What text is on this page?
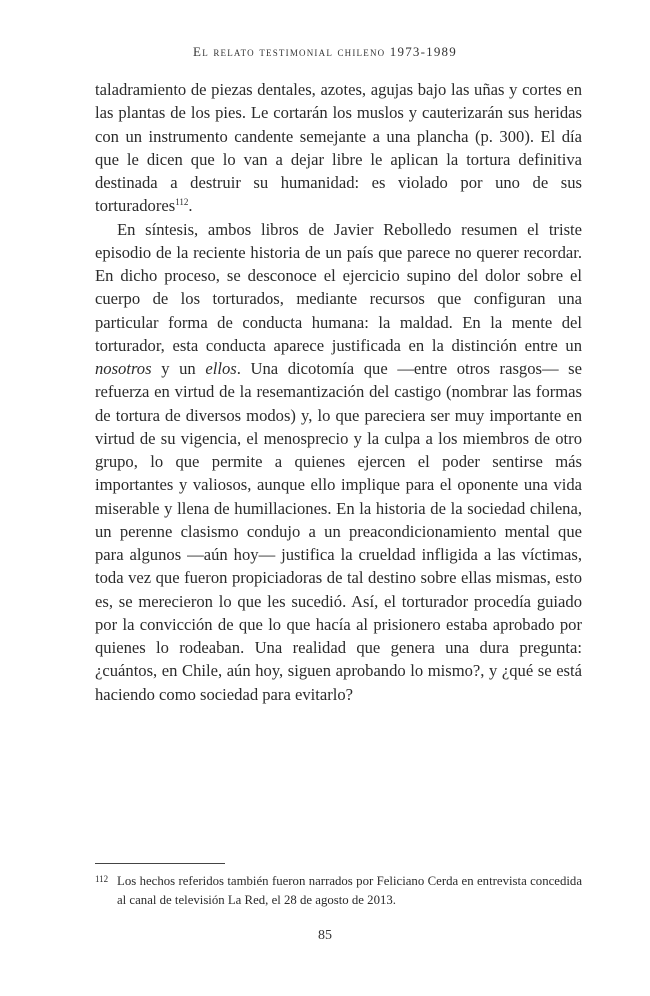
El relato testimonial chileno 1973-1989

taladramiento de piezas dentales, azotes, agujas bajo las uñas y cortes en las plantas de los pies. Le cortarán los muslos y cauterizarán sus heridas con un instrumento candente semejante a una plancha (p. 300). El día que le dicen que lo van a dejar libre le aplican la tortura definitiva destinada a destruir su humanidad: es violado por uno de sus torturadores$^{112}$.

En síntesis, ambos libros de Javier Rebolledo resumen el triste episodio de la reciente historia de un país que parece no querer recordar. En dicho proceso, se desconoce el ejercicio supino del dolor sobre el cuerpo de los torturados, mediante recursos que configuran una particular forma de conducta humana: la maldad. En la mente del torturador, esta conducta aparece justificada en la distinción entre un nosotros y un ellos. Una dicotomía que —entre otros rasgos— se refuerza en virtud de la resemantización del castigo (nombrar las formas de tortura de diversos modos) y, lo que pareciera ser muy importante en virtud de su vigencia, el menosprecio y la culpa a los miembros de otro grupo, lo que permite a quienes ejercen el poder sentirse más importantes y valiosos, aunque ello implique para el oponente una vida miserable y llena de humillaciones. En la historia de la sociedad chilena, un perenne clasismo condujo a un preacondicionamiento mental que para algunos —aún hoy— justifica la crueldad infligida a las víctimas, toda vez que fueron propiciadoras de tal destino sobre ellas mismas, esto es, se merecieron lo que les sucedió. Así, el torturador procedía guiado por la convicción de que lo que hacía al prisionero estaba aprobado por quienes lo rodeaban. Una realidad que genera una dura pregunta: ¿cuántos, en Chile, aún hoy, siguen aprobando lo mismo?, y ¿qué se está haciendo como sociedad para evitarlo?

112 Los hechos referidos también fueron narrados por Feliciano Cerda en entrevista concedida al canal de televisión La Red, el 28 de agosto de 2013.
85
